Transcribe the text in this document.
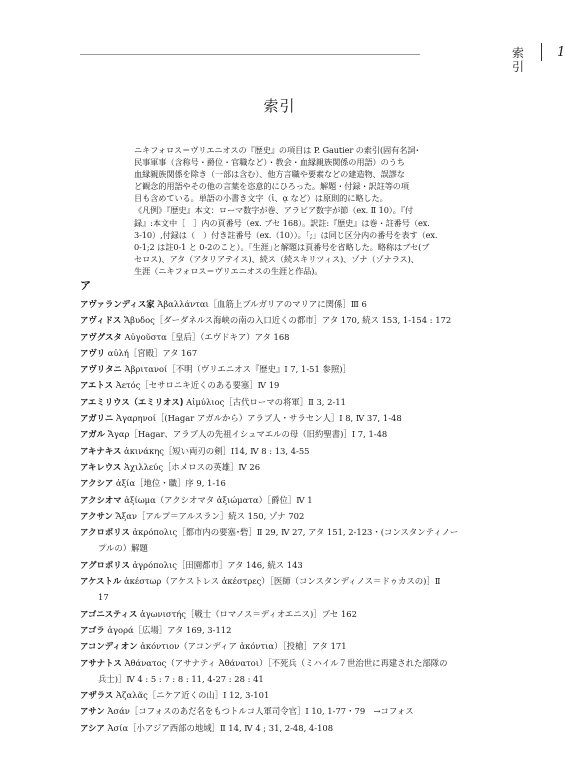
索引
1
索引
ニキフォロス＝ヴリエニオスの『歴史』の項目は P. Gautier の索引(固有名詞･
民事軍事（含称号・爵位・官職など）・教会・血縁親族関係の用語）のうち
血縁親族関係を除き（一部は含む）、他方言職や要素などの建造物、誤謬な
ど観念的用語やその他の言葉を恣意的にひろった。解題・付録・訳註等の項
目も含めている。単語の小書き文字（ἰ、ᾳ など）は原則的に略した。
《凡例》『歴史』本文：ローマ数字が巻、アラビア数字が節（ex. Ⅱ 10）。『付
録』:本文中［　］内の頁番号（ex. ブセ 168）。訳註:『歴史』は巻・註番号（ex.
3-10）,付録は（　）付き註番号（ex.（10））。「;」は同じ区分内の番号を表す（ex.
0-1;2 は註0-1 と 0-2のこと）。｢生涯｣と解題は頁番号を省略した。略称はブセ(ブ
セロス)、アタ（アタリアテイス)、続ス（続スキリツィス)、ゾナ（ゾナラス)、
生涯（ニキフォロス＝ヴリエニオスの生涯と作品)。
ア
アヴァランディス家 Ἀβαλλάνται［血筋上ブルガリアのマリアに関係］Ⅲ 6
アヴィドス Ἄβυδος［ダーダネルス海峡の南の入口近くの都市］アタ 170, 続ス 153, 1-154 : 172
アヴグスタ Αὐγοῦστα［皇后］（エヴドキア）アタ 168
アヴリ αὐλή［宮殿］アタ 167
アヴリタニ Ἀβριτανοί［不明（ヴリエニオス『歴史』Ⅰ 7, 1-51 参照)］
アエトス Ἀετός［セサロニキ近くのある要塞］Ⅳ 19
アエミリウス（エミリオス) Αἰμύλιος［古代ローマの将軍］Ⅱ 3, 2-11
アガリニ Ἀγαρηνοί［(Hagar アガルから）アラブ人・サラセン人］Ⅰ 8, Ⅳ 37, 1-48
アガル Ἄγαρ［Hagar、アラブ人の先祖イシュマエルの母（旧約聖書)］Ⅰ 7, 1-48
アキナキス ἀκινάκης［短い両刃の剣］Ⅰ14, Ⅳ 8 : 13, 4-55
アキレウス Ἀχιλλεύς［ホメロスの英雄］Ⅳ 26
アクシア ἀξία［地位・職］序 9, 1-16
アクシオマ ἀξίωμα（アクシオマタ ἀξιώματα）［爵位］Ⅳ 1
アクサン Ἄξαν［アルプ＝アルスラン］続ス 150, ゾナ 702
アクロポリス ἀκρόπολις［都市内の要塞･砦］Ⅱ 29, Ⅳ 27, アタ 151, 2-123・(コンスタンティノー
プルの）解題
アグロポリス ἀγρόπολις［田園都市］アタ 146, 続ス 143
アケストル ἀκέστωρ（アケストレス ἀκέστρες）［医師（コンスタンディノス＝ドゥカスの)］Ⅱ
17
アゴニスティス ἀγωνιστής［戦士（ロマノス＝ディオエニス)］ブセ 162
アゴラ ἀγορά［広場］アタ 169, 3-112
アコンディオン ἀκόντιον（アコンディア ἀκόντια）［投槍］アタ 171
アサナトス Ἀθάνατος（アサナティ Ἀθάνατοι）［不死兵（ミハイル７世治世に再建された部隊の
兵士)］Ⅳ 4 : 5 : 7 : 8 : 11, 4-27 : 28 : 41
アザラス Ἀζαλᾶς［ニケア近くの山］Ⅰ 12, 3-101
アサン Ἀσάν［コフォスのあだ名をもつトルコ人軍司令官］Ⅰ 10, 1-77・79　→コフォス
アシア Ἀσία［小アジア西部の地域］Ⅱ 14, Ⅳ 4 ; 31, 2-48, 4-108
